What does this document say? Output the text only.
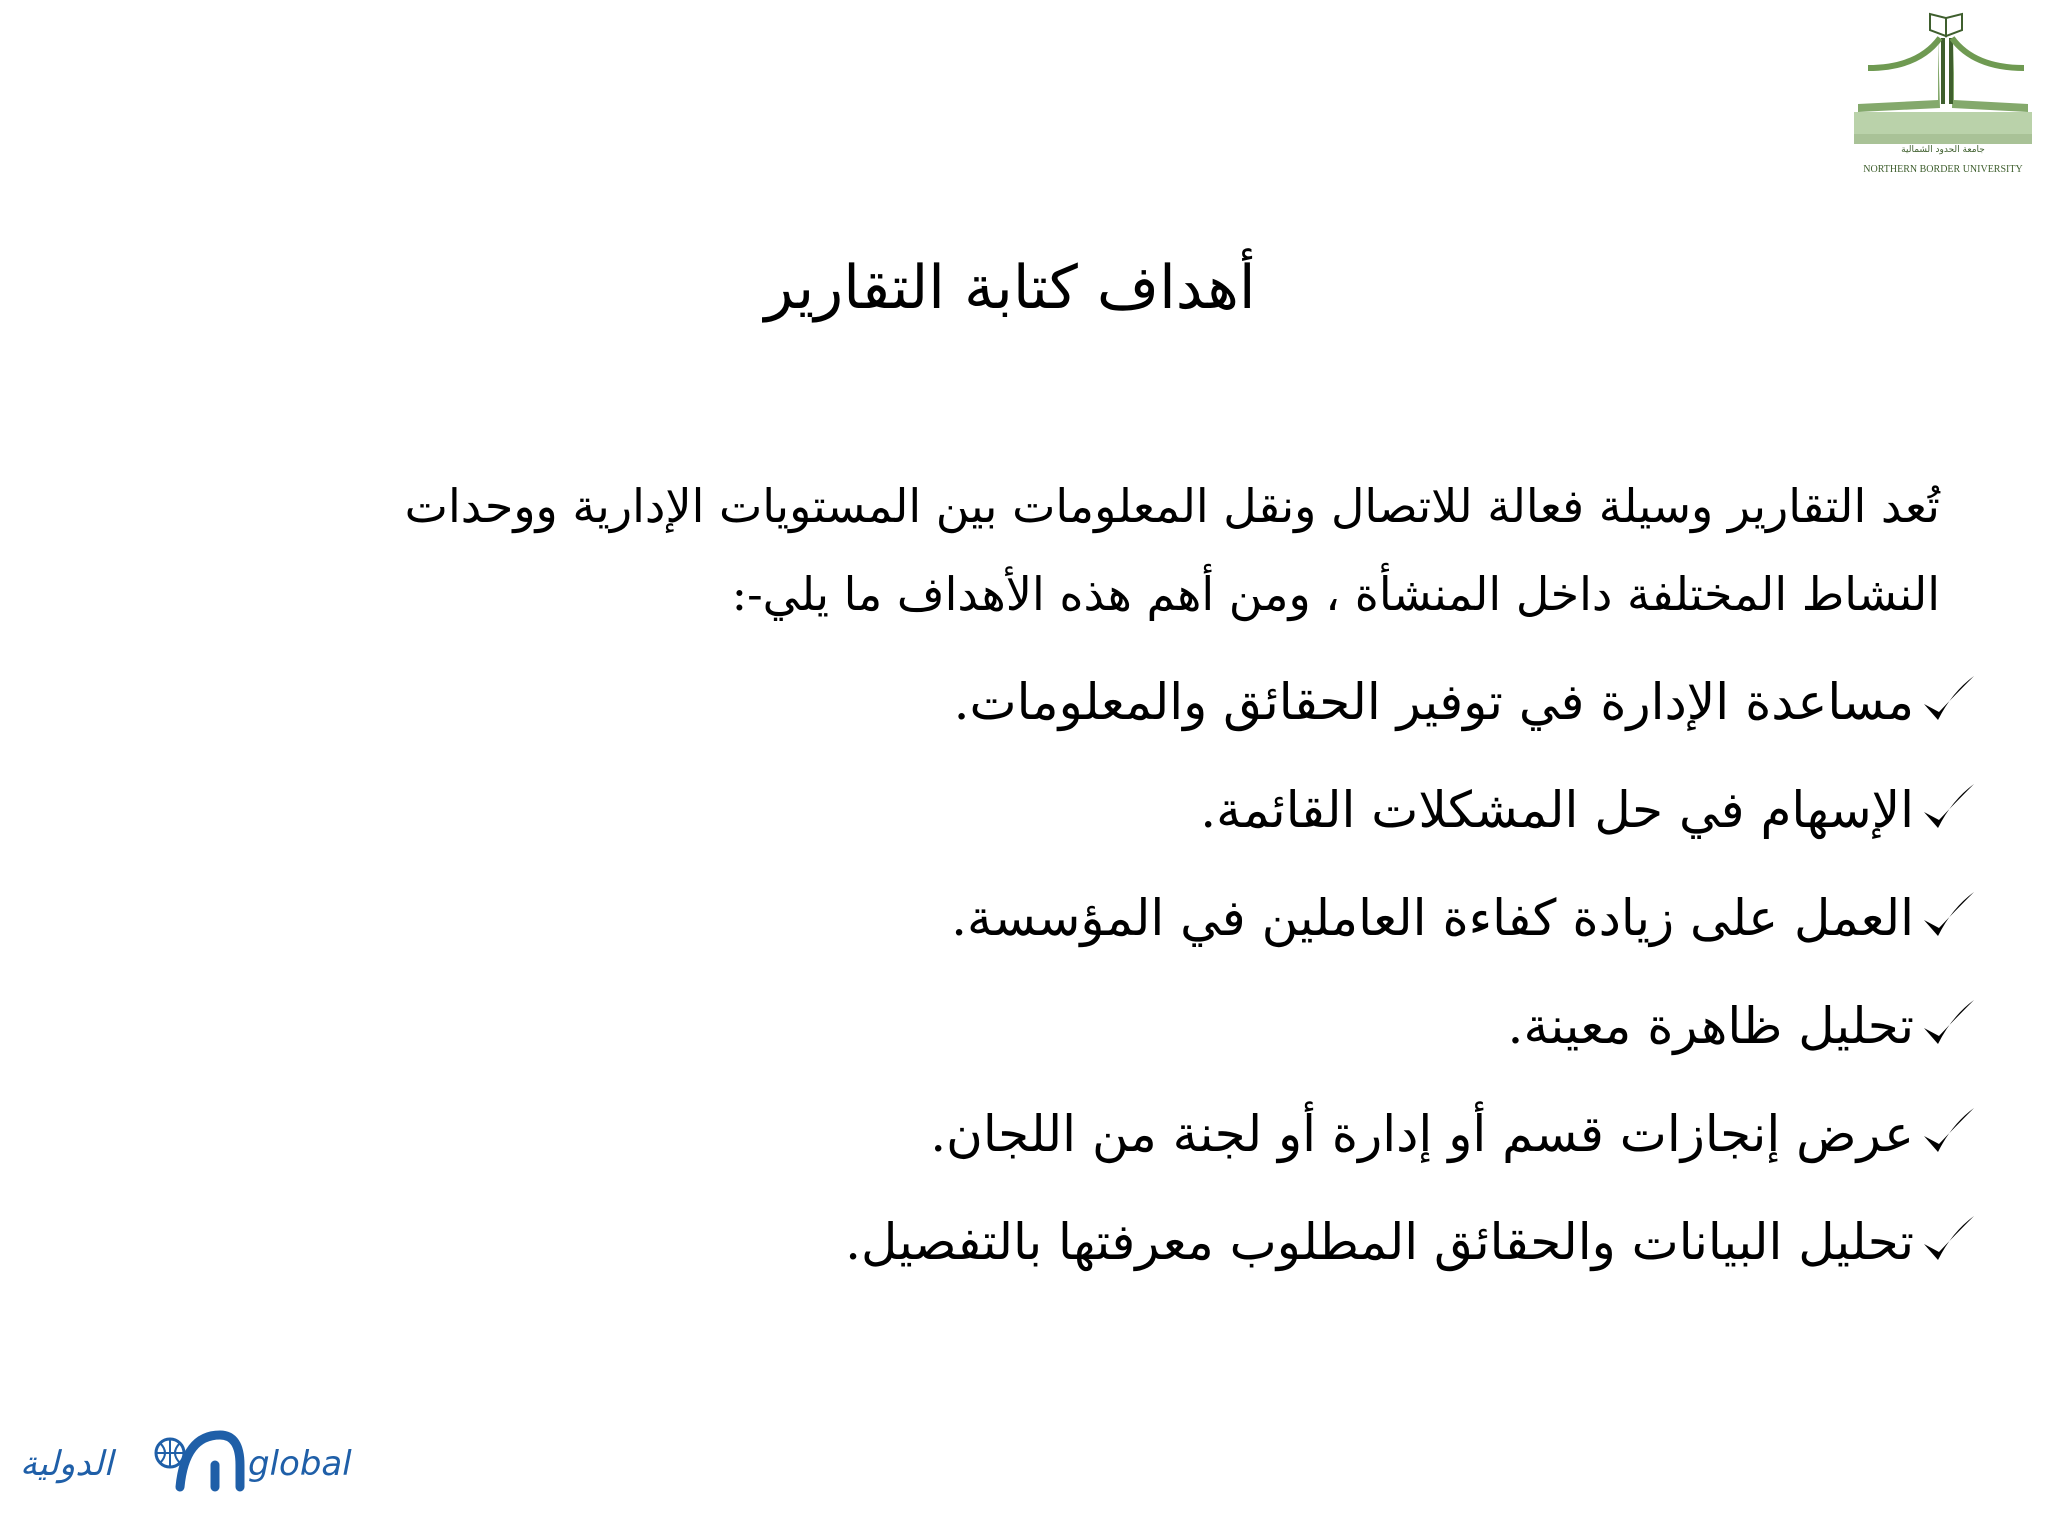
جامعة الحدود الشمالية
NORTHERN BORDER UNIVERSITY
أهداف كتابة التقارير
تُعد التقارير وسيلة فعالة للاتصال ونقل المعلومات بين المستويات الإدارية ووحدات
النشاط المختلفة داخل المنشأة ، ومن أهم هذه الأهداف ما يلي-:
مساعدة الإدارة في توفير الحقائق والمعلومات.
الإسهام في حل المشكلات القائمة.
العمل على زيادة كفاءة العاملين في المؤسسة.
تحليل ظاهرة معينة.
عرض إنجازات قسم أو إدارة أو لجنة من اللجان.
تحليل البيانات والحقائق المطلوب معرفتها بالتفصيل.
الدولية	global
